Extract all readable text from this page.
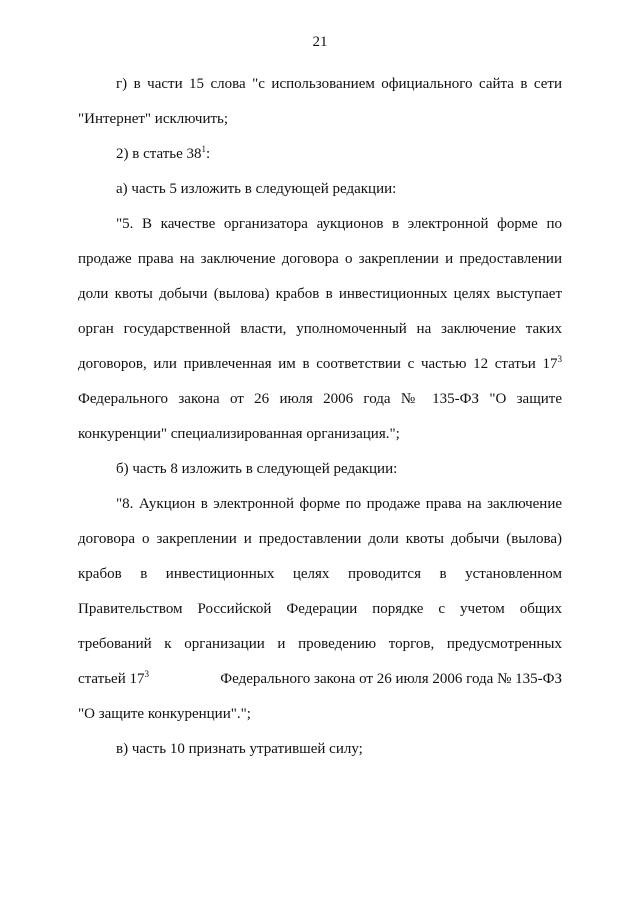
21
г) в части 15 слова "с использованием официального сайта в сети
"Интернет" исключить;
2) в статье $38^1$:
а) часть 5 изложить в следующей редакции:
"5. В качестве организатора аукционов в электронной форме по
продаже права на заключение договора о закреплении и предоставлении
доли квоты добычи (вылова) крабов в инвестиционных целях выступает
орган государственной власти, уполномоченный на заключение таких
договоров, или привлеченная им в соответствии с частью 12 статьи $17^3$
Федерального закона от 26 июля 2006 года № 135-ФЗ "О защите
конкуренции" специализированная организация.";
б) часть 8 изложить в следующей редакции:
"8. Аукцион в электронной форме по продаже права на заключение
договора о закреплении и предоставлении доли квоты добычи (вылова)
крабов в инвестиционных целях проводится в установленном
Правительством Российской Федерации порядке с учетом общих
требований к организации и проведению торгов, предусмотренных
статьей $17^3$	Федерального закона от 26 июля 2006 года № 135-ФЗ
"О защите конкуренции".";
в) часть 10 признать утратившей силу;
